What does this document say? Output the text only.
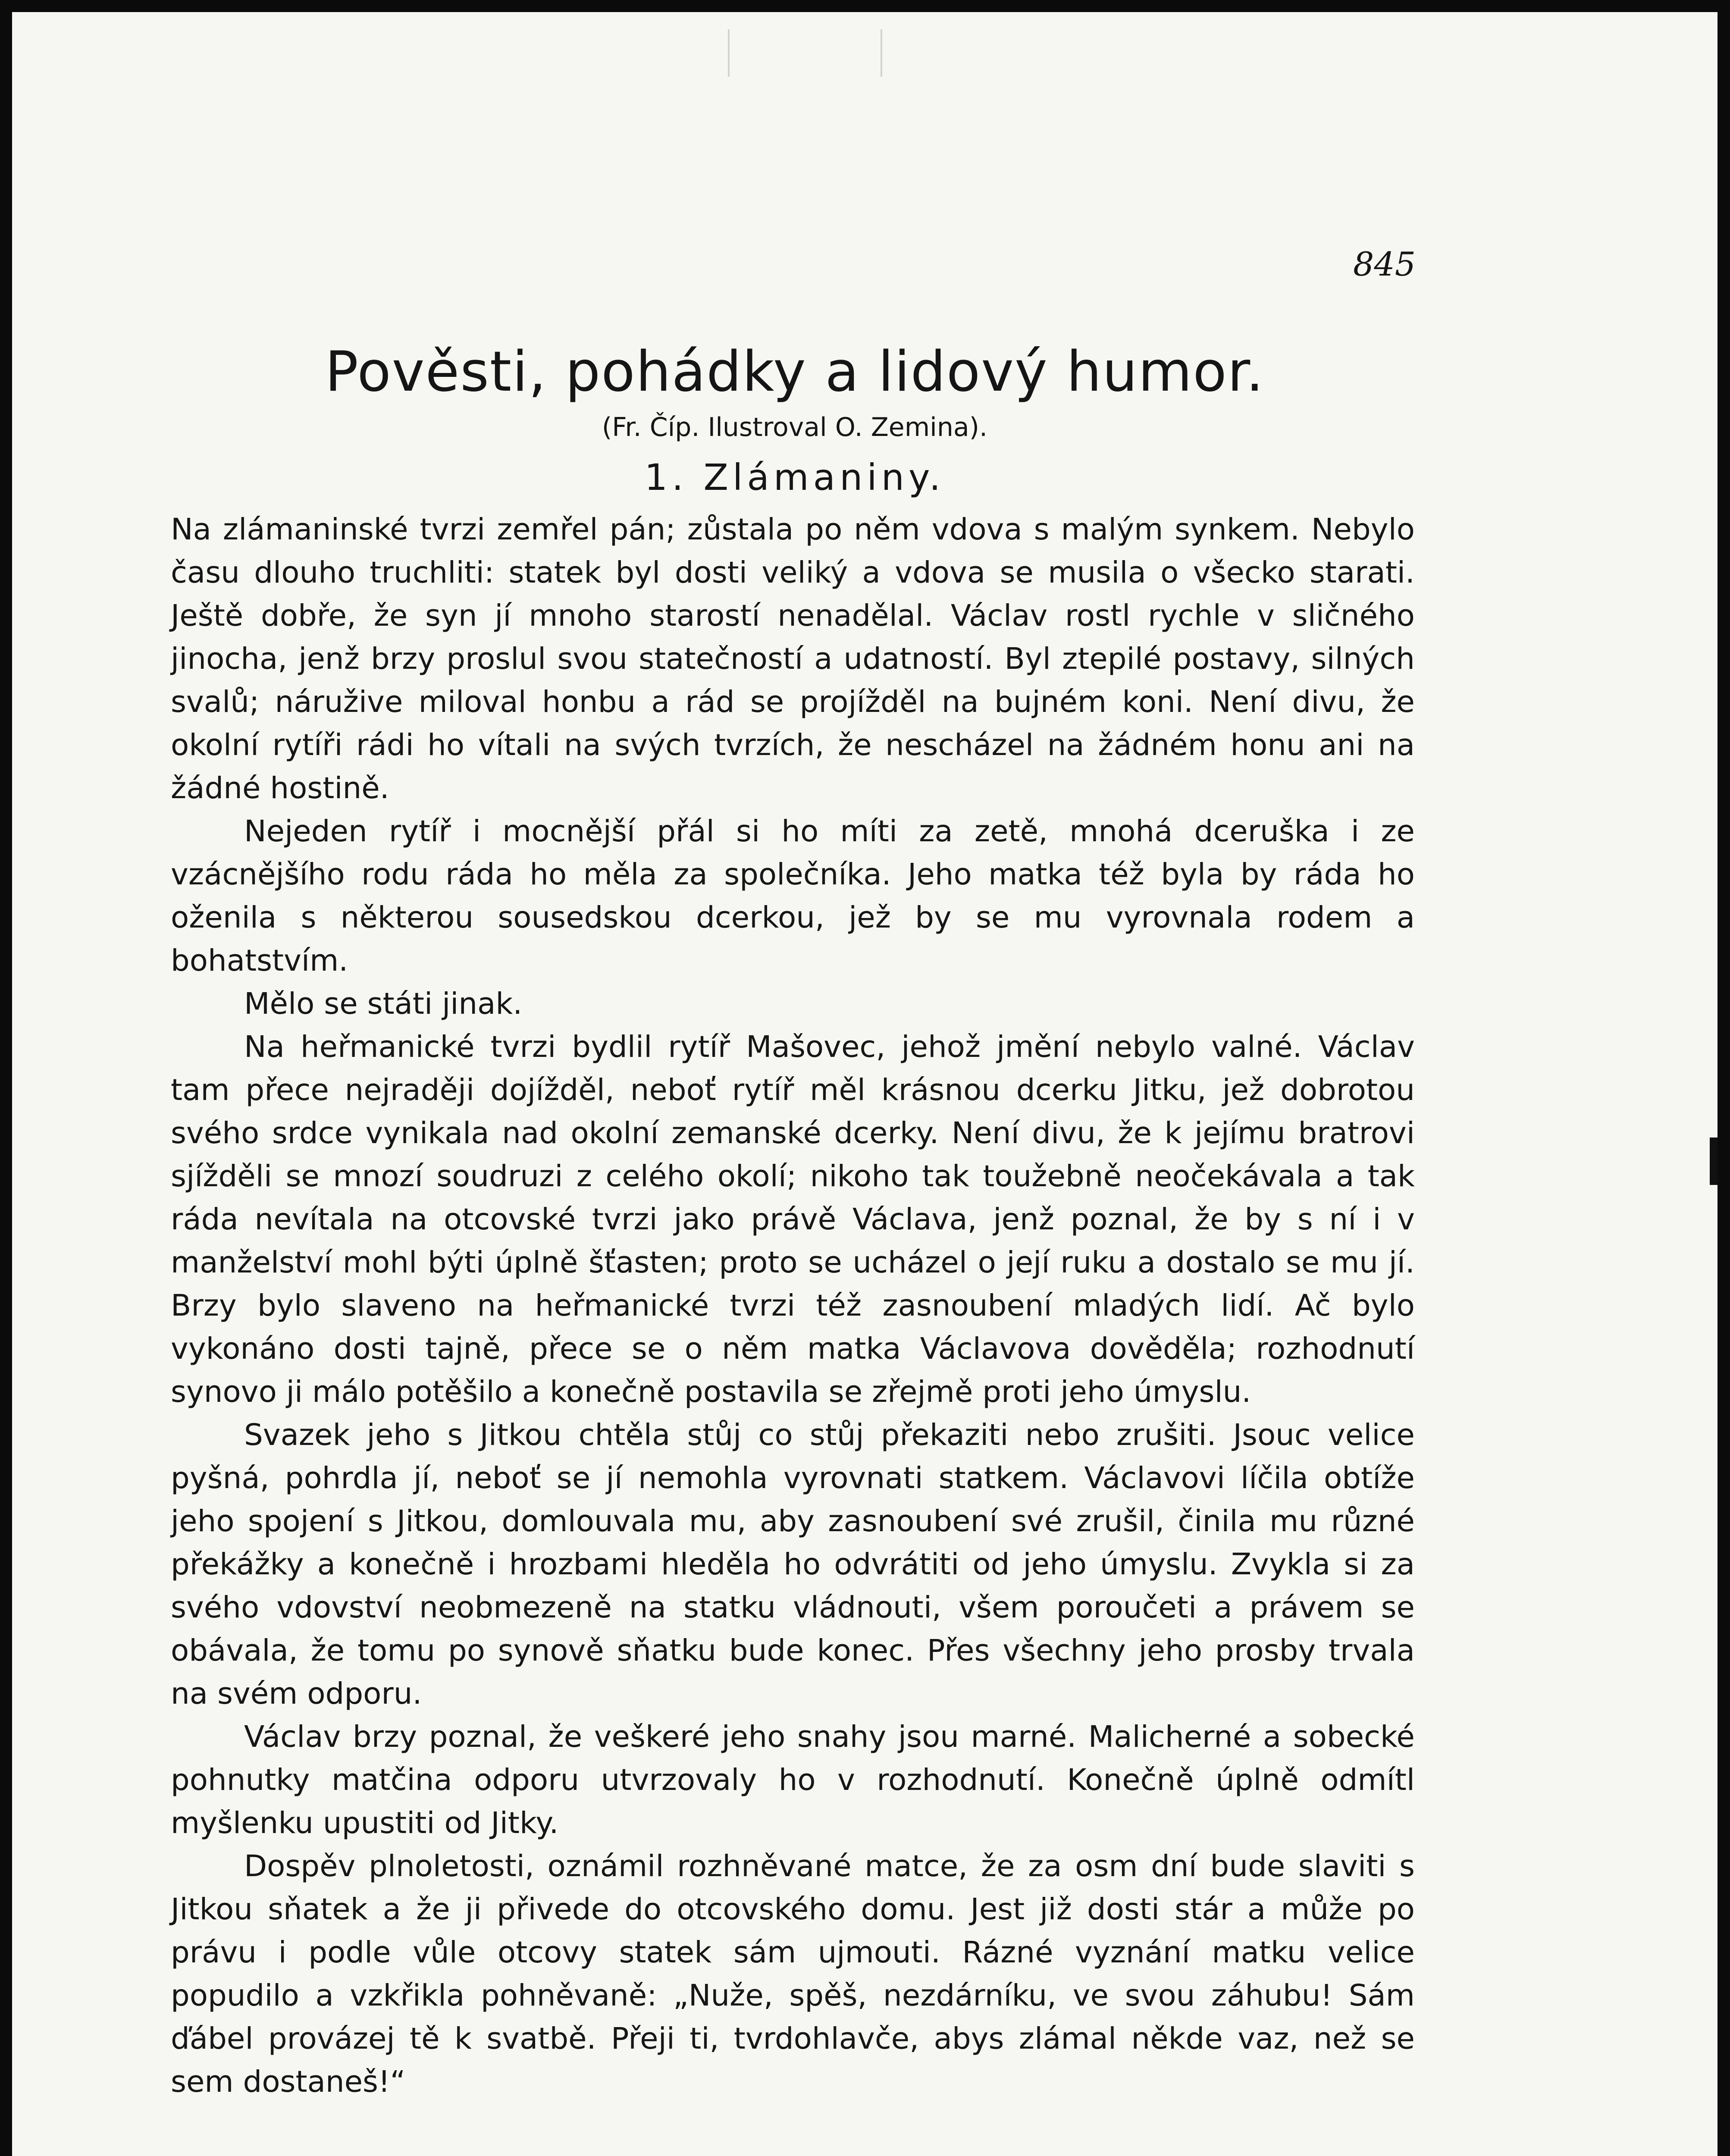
845
Pověsti, pohádky a lidový humor.
(Fr. Číp. Ilustroval O. Zemina).
1. Zlámaniny.

Na zlámaninské tvrzi zemřel pán; zůstala po něm vdova s malým synkem. Nebylo času dlouho truchliti: statek byl dosti veliký a vdova se musila o všecko starati. Ještě dobře, že syn jí mnoho starostí nenadělal. Václav rostl rychle v sličného jinocha, jenž brzy proslul svou statečností a udatností. Byl ztepilé postavy, silných svalů; náružive miloval honbu a rád se projížděl na bujném koni. Není divu, že okolní rytíři rádi ho vítali na svých tvrzích, že nescházel na žádném honu ani na žádné hostině.

Nejeden rytíř i mocnější přál si ho míti za zetě, mnohá dceruška i ze vzácnějšího rodu ráda ho měla za společníka. Jeho matka též byla by ráda ho oženila s některou sousedskou dcerkou, jež by se mu vyrovnala rodem a bohatstvím.

Mělo se státi jinak.

Na heřmanické tvrzi bydlil rytíř Mašovec, jehož jmění nebylo valné. Václav tam přece nejraději dojížděl, neboť rytíř měl krásnou dcerku Jitku, jež dobrotou svého srdce vynikala nad okolní zemanské dcerky. Není divu, že k jejímu bratrovi sjížděli se mnozí soudruzi z celého okolí; nikoho tak toužebně neočekávala a tak ráda nevítala na otcovské tvrzi jako právě Václava, jenž poznal, že by s ní i v manželství mohl býti úplně šťasten; proto se ucházel o její ruku a dostalo se mu jí. Brzy bylo slaveno na heřmanické tvrzi též zasnoubení mladých lidí. Ač bylo vykonáno dosti tajně, přece se o něm matka Václavova dověděla; rozhodnutí synovo ji málo potěšilo a konečně postavila se zřejmě proti jeho úmyslu.

Svazek jeho s Jitkou chtěla stůj co stůj překaziti nebo zrušiti. Jsouc velice pyšná, pohrdla jí, neboť se jí nemohla vyrovnati statkem. Václavovi líčila obtíže jeho spojení s Jitkou, domlouvala mu, aby zasnoubení své zrušil, činila mu různé překážky a konečně i hrozbami hleděla ho odvrátiti od jeho úmyslu. Zvykla si za svého vdovství neobmezeně na statku vládnouti, všem poroučeti a právem se obávala, že tomu po synově sňatku bude konec. Přes všechny jeho prosby trvala na svém odporu.

Václav brzy poznal, že veškeré jeho snahy jsou marné. Malicherné a sobecké pohnutky matčina odporu utvrzovaly ho v rozhodnutí. Konečně úplně odmítl myšlenku upustiti od Jitky.

Dospěv plnoletosti, oznámil rozhněvané matce, že za osm dní bude slaviti s Jitkou sňatek a že ji přivede do otcovského domu. Jest již dosti stár a může po právu i podle vůle otcovy statek sám ujmouti. Rázné vyznání matku velice popudilo a vzkřikla pohněvaně: „Nuže, spěš, nezdárníku, ve svou záhubu! Sám ďábel provázej tě k svatbě. Přeji ti, tvrdohlavče, abys zlámal někde vaz, než se sem dostaneš!“
